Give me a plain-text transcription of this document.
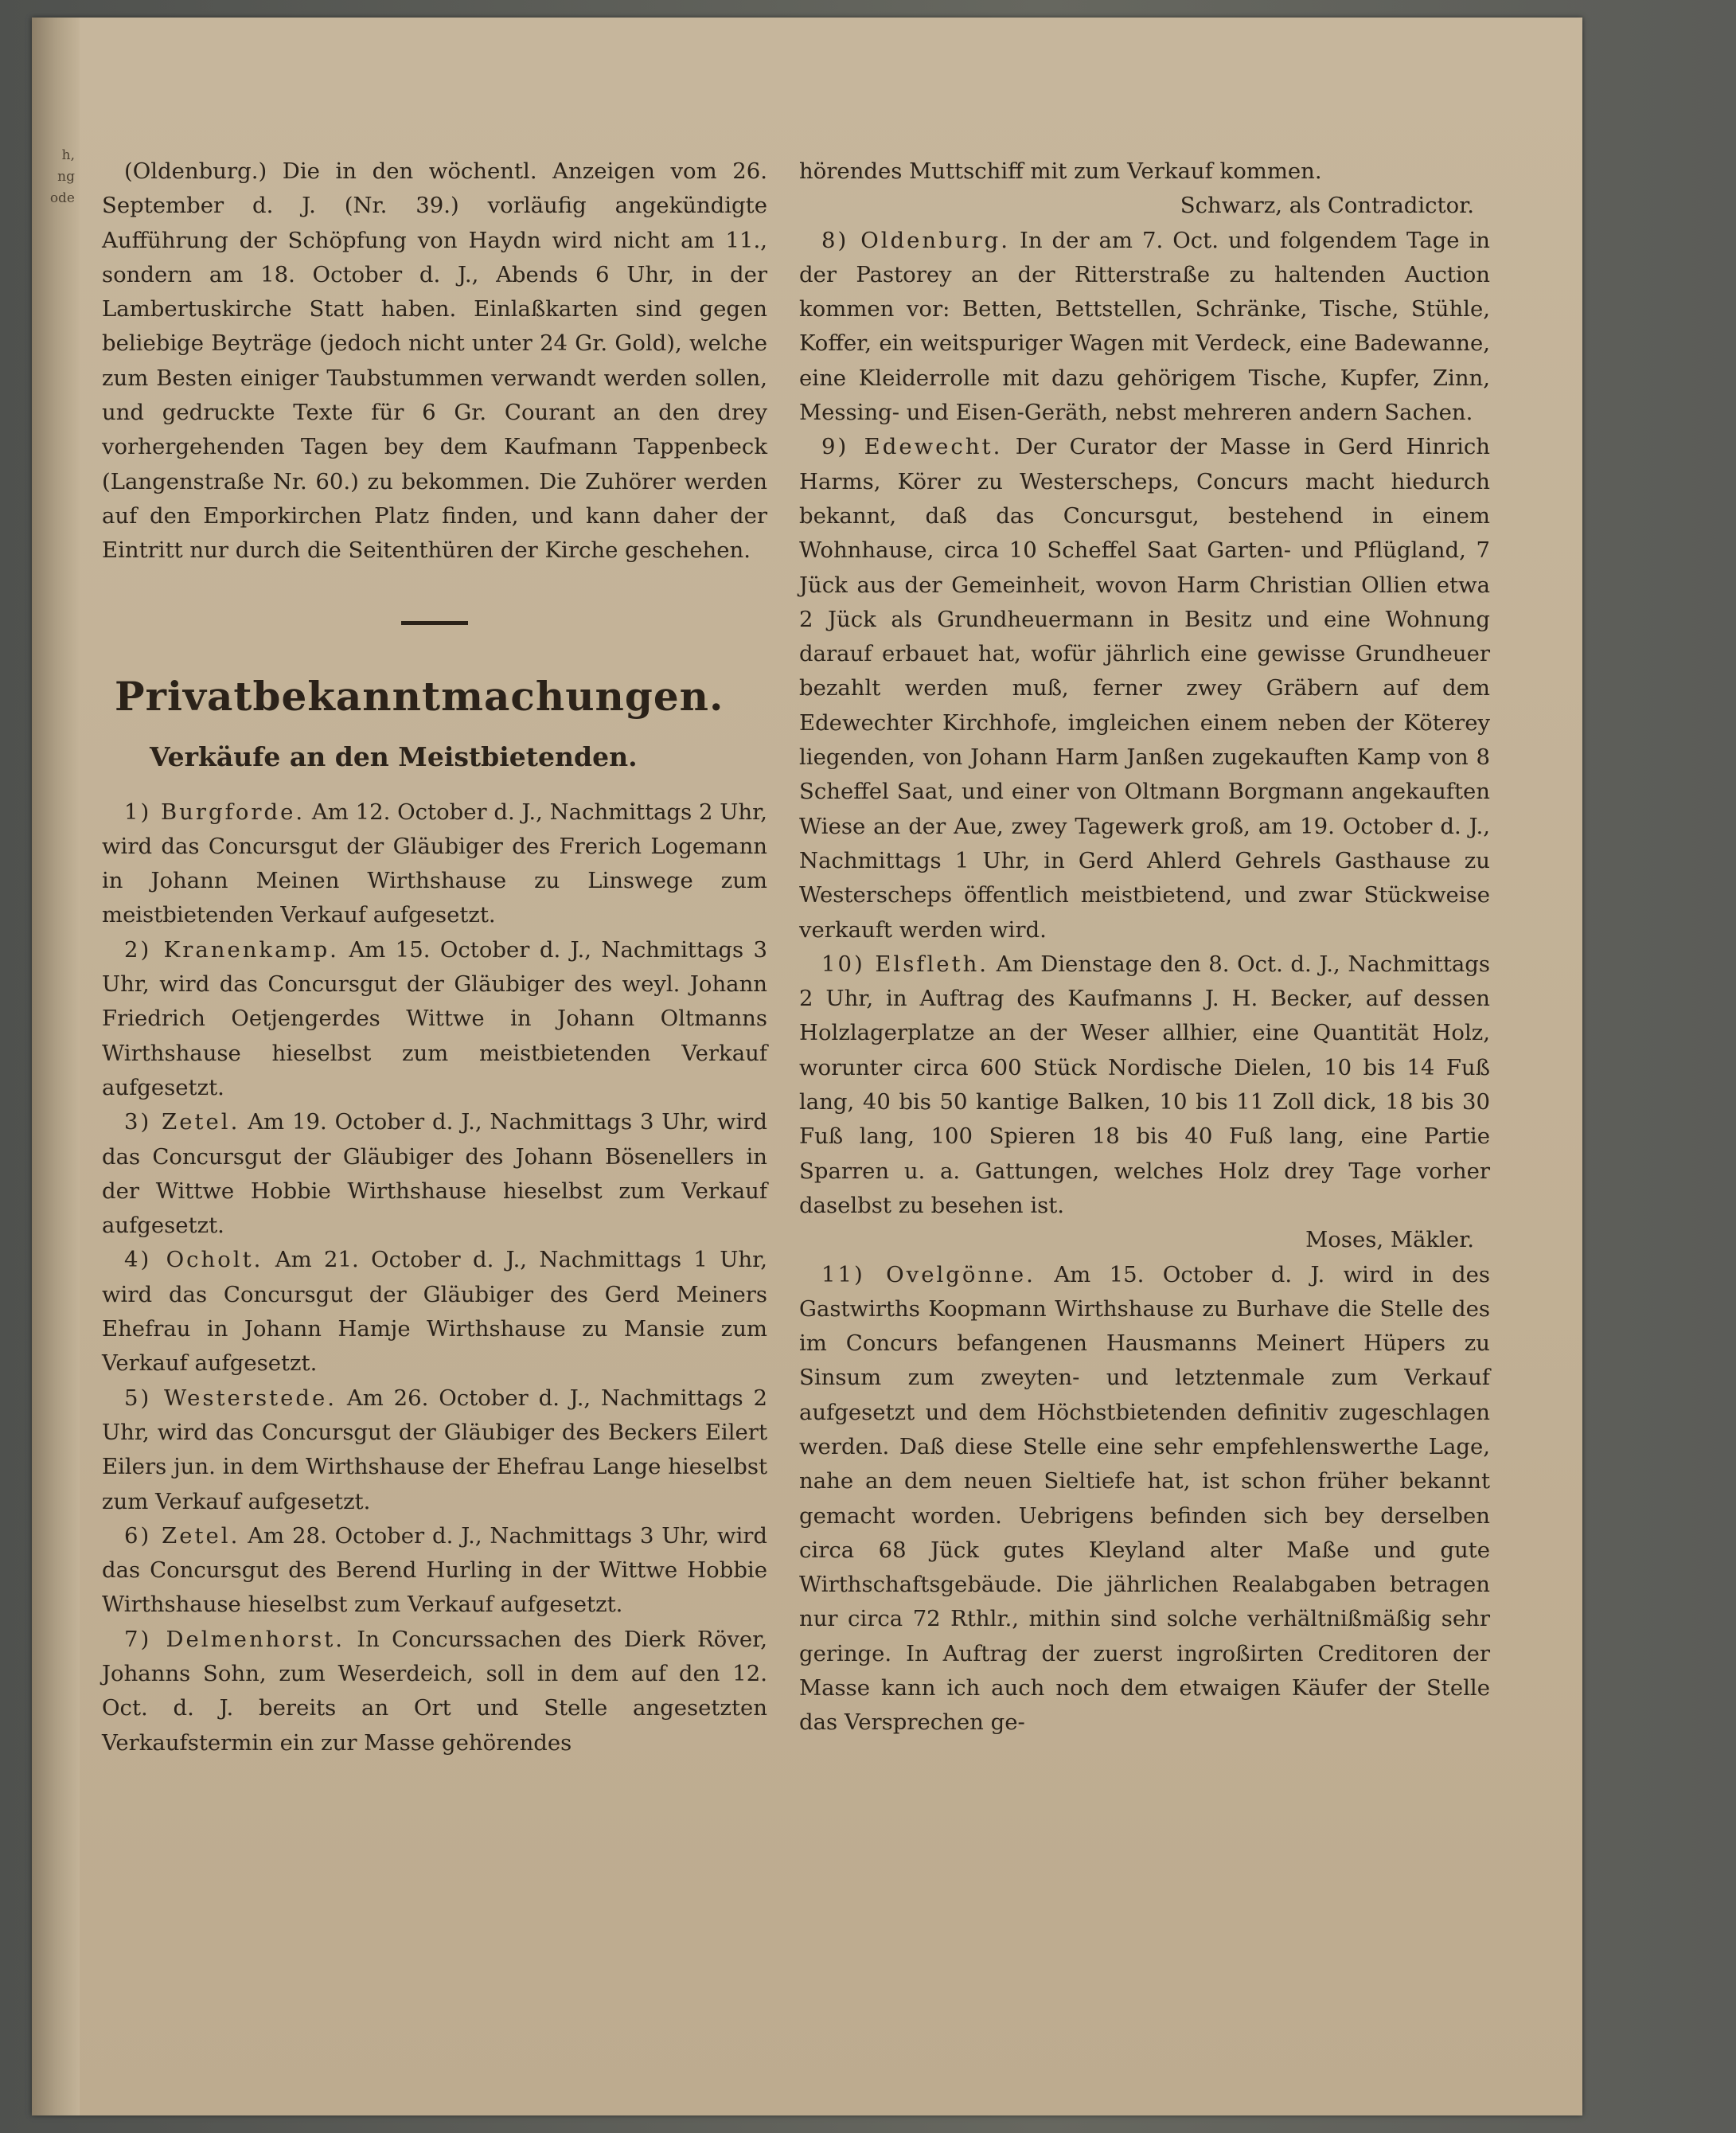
h,
ng
ode

(Oldenburg.) Die in den wöchentl. Anzeigen vom 26. September d. J. (Nr. 39.) vorläufig angekündigte Aufführung der Schöpfung von Haydn wird nicht am 11., sondern am 18. October d. J., Abends 6 Uhr, in der Lambertuskirche Statt haben. Einlaßkarten sind gegen beliebige Beyträge (jedoch nicht unter 24 Gr. Gold), welche zum Besten einiger Taubstummen verwandt werden sollen, und gedruckte Texte für 6 Gr. Courant an den drey vorhergehenden Tagen bey dem Kaufmann Tappenbeck (Langenstraße Nr. 60.) zu bekommen. Die Zuhörer werden auf den Emporkirchen Platz finden, und kann daher der Eintritt nur durch die Seitenthüren der Kirche geschehen.

Privatbekanntmachungen.
Verkäufe an den Meistbietenden.

1) Burgforde. Am 12. October d. J., Nachmittags 2 Uhr, wird das Concursgut der Gläubiger des Frerich Logemann in Johann Meinen Wirthshause zu Linswege zum meistbietenden Verkauf aufgesetzt.

2) Kranenkamp. Am 15. October d. J., Nachmittags 3 Uhr, wird das Concursgut der Gläubiger des weyl. Johann Friedrich Oetjengerdes Wittwe in Johann Oltmanns Wirthshause hieselbst zum meistbietenden Verkauf aufgesetzt.

3) Zetel. Am 19. October d. J., Nachmittags 3 Uhr, wird das Concursgut der Gläubiger des Johann Bösenellers in der Wittwe Hobbie Wirthshause hieselbst zum Verkauf aufgesetzt.

4) Ocholt. Am 21. October d. J., Nachmittags 1 Uhr, wird das Concursgut der Gläubiger des Gerd Meiners Ehefrau in Johann Hamje Wirthshause zu Mansie zum Verkauf aufgesetzt.

5) Westerstede. Am 26. October d. J., Nachmittags 2 Uhr, wird das Concursgut der Gläubiger des Beckers Eilert Eilers jun. in dem Wirthshause der Ehefrau Lange hieselbst zum Verkauf aufgesetzt.

6) Zetel. Am 28. October d. J., Nachmittags 3 Uhr, wird das Concursgut des Berend Hurling in der Wittwe Hobbie Wirthshause hieselbst zum Verkauf aufgesetzt.

7) Delmenhorst. In Concurssachen des Dierk Röver, Johanns Sohn, zum Weserdeich, soll in dem auf den 12. Oct. d. J. bereits an Ort und Stelle angesetzten Verkaufstermin ein zur Masse gehörendes

hörendes Muttschiff mit zum Verkauf kommen.

Schwarz, als Contradictor.

8) Oldenburg. In der am 7. Oct. und folgendem Tage in der Pastorey an der Ritterstraße zu haltenden Auction kommen vor: Betten, Bettstellen, Schränke, Tische, Stühle, Koffer, ein weitspuriger Wagen mit Verdeck, eine Badewanne, eine Kleiderrolle mit dazu gehörigem Tische, Kupfer, Zinn, Messing- und Eisen-Geräth, nebst mehreren andern Sachen.

9) Edewecht. Der Curator der Masse in Gerd Hinrich Harms, Körer zu Westerscheps, Concurs macht hiedurch bekannt, daß das Concursgut, bestehend in einem Wohnhause, circa 10 Scheffel Saat Garten- und Pflügland, 7 Jück aus der Gemeinheit, wovon Harm Christian Ollien etwa 2 Jück als Grundheuermann in Besitz und eine Wohnung darauf erbauet hat, wofür jährlich eine gewisse Grundheuer bezahlt werden muß, ferner zwey Gräbern auf dem Edewechter Kirchhofe, imgleichen einem neben der Köterey liegenden, von Johann Harm Janßen zugekauften Kamp von 8 Scheffel Saat, und einer von Oltmann Borgmann angekauften Wiese an der Aue, zwey Tagewerk groß, am 19. October d. J., Nachmittags 1 Uhr, in Gerd Ahlerd Gehrels Gasthause zu Westerscheps öffentlich meistbietend, und zwar Stückweise verkauft werden wird.

10) Elsfleth. Am Dienstage den 8. Oct. d. J., Nachmittags 2 Uhr, in Auftrag des Kaufmanns J. H. Becker, auf dessen Holzlagerplatze an der Weser allhier, eine Quantität Holz, worunter circa 600 Stück Nordische Dielen, 10 bis 14 Fuß lang, 40 bis 50 kantige Balken, 10 bis 11 Zoll dick, 18 bis 30 Fuß lang, 100 Spieren 18 bis 40 Fuß lang, eine Partie Sparren u. a. Gattungen, welches Holz drey Tage vorher daselbst zu besehen ist.

Moses, Mäkler.

11) Ovelgönne. Am 15. October d. J. wird in des Gastwirths Koopmann Wirthshause zu Burhave die Stelle des im Concurs befangenen Hausmanns Meinert Hüpers zu Sinsum zum zweyten- und letztenmale zum Verkauf aufgesetzt und dem Höchstbietenden definitiv zugeschlagen werden. Daß diese Stelle eine sehr empfehlenswerthe Lage, nahe an dem neuen Sieltiefe hat, ist schon früher bekannt gemacht worden. Uebrigens befinden sich bey derselben circa 68 Jück gutes Kleyland alter Maße und gute Wirthschaftsgebäude. Die jährlichen Realabgaben betragen nur circa 72 Rthlr., mithin sind solche verhältnißmäßig sehr geringe. In Auftrag der zuerst ingroßirten Creditoren der Masse kann ich auch noch dem etwaigen Käufer der Stelle das Versprechen ge-
